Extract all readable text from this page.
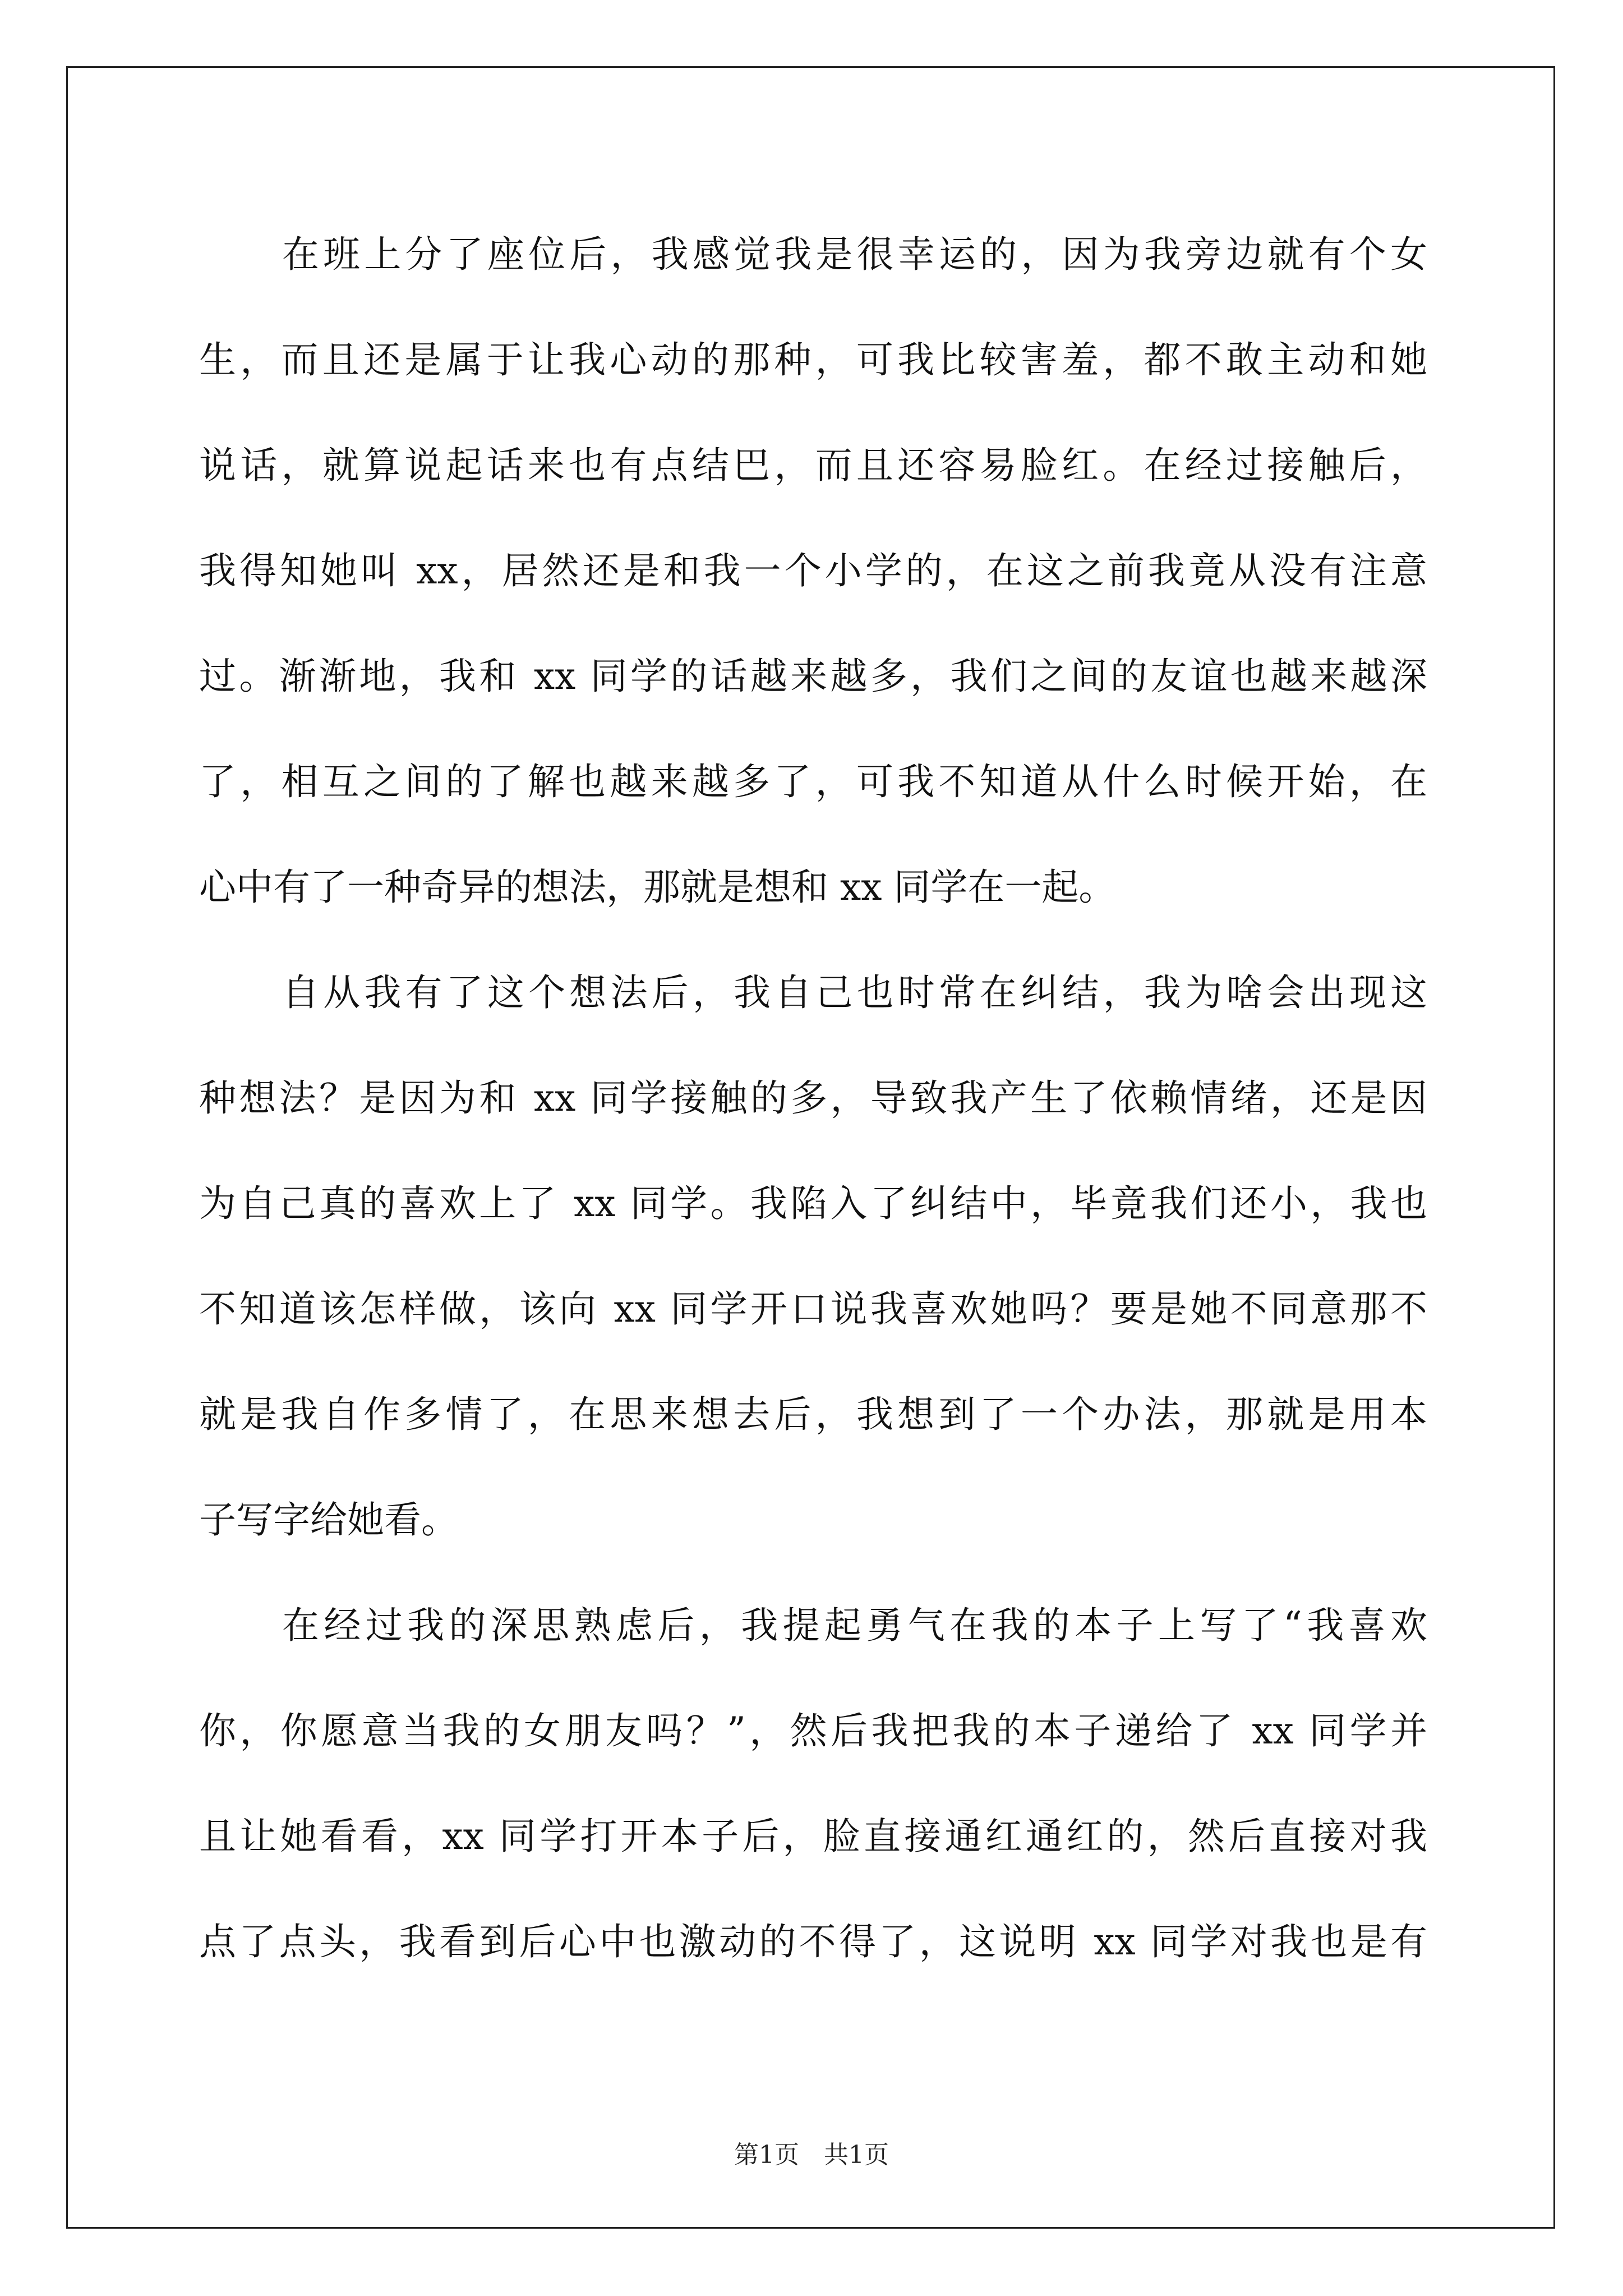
在班上分了座位后，我感觉我是很幸运的，因为我旁边就有个女
生，而且还是属于让我心动的那种，可我比较害羞，都不敢主动和她
说话，就算说起话来也有点结巴，而且还容易脸红。在经过接触后，
我得知她叫 xx，居然还是和我一个小学的，在这之前我竟从没有注意
过。渐渐地，我和 xx 同学的话越来越多，我们之间的友谊也越来越深
了，相互之间的了解也越来越多了，可我不知道从什么时候开始，在
心中有了一种奇异的想法，那就是想和 xx 同学在一起。
自从我有了这个想法后，我自己也时常在纠结，我为啥会出现这
种想法？是因为和 xx 同学接触的多，导致我产生了依赖情绪，还是因
为自己真的喜欢上了 xx 同学。我陷入了纠结中，毕竟我们还小，我也
不知道该怎样做，该向 xx 同学开口说我喜欢她吗？要是她不同意那不
就是我自作多情了，在思来想去后，我想到了一个办法，那就是用本
子写字给她看。
在经过我的深思熟虑后，我提起勇气在我的本子上写了“我喜欢
你，你愿意当我的女朋友吗？”，然后我把我的本子递给了 xx 同学并
且让她看看，xx 同学打开本子后，脸直接通红通红的，然后直接对我
点了点头，我看到后心中也激动的不得了，这说明 xx 同学对我也是有
第1页　共1页
